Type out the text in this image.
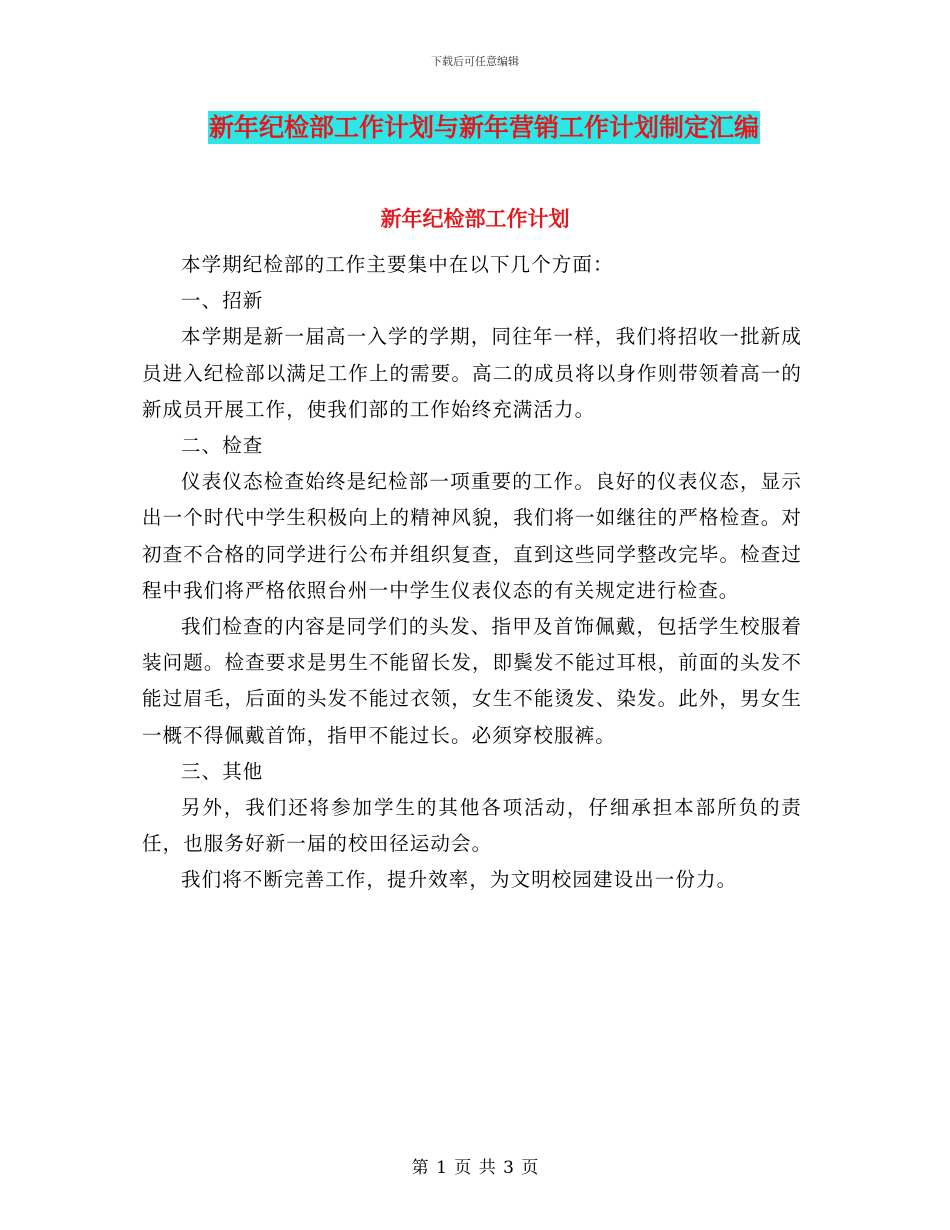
下载后可任意编辑
新年纪检部工作计划与新年营销工作计划制定汇编
新年纪检部工作计划

本学期纪检部的工作主要集中在以下几个方面：

一、招新

本学期是新一届高一入学的学期，同往年一样，我们将招收一批新成员进入纪检部以满足工作上的需要。高二的成员将以身作则带领着高一的新成员开展工作，使我们部的工作始终充满活力。

二、检查

仪表仪态检查始终是纪检部一项重要的工作。良好的仪表仪态，显示出一个时代中学生积极向上的精神风貌，我们将一如继往的严格检查。对初查不合格的同学进行公布并组织复查，直到这些同学整改完毕。检查过程中我们将严格依照台州一中学生仪表仪态的有关规定进行检查。

我们检查的内容是同学们的头发、指甲及首饰佩戴，包括学生校服着装问题。检查要求是男生不能留长发，即鬓发不能过耳根，前面的头发不能过眉毛，后面的头发不能过衣领，女生不能烫发、染发。此外，男女生一概不得佩戴首饰，指甲不能过长。必须穿校服裤。

三、其他

另外，我们还将参加学生的其他各项活动，仔细承担本部所负的责任，也服务好新一届的校田径运动会。

我们将不断完善工作，提升效率，为文明校园建设出一份力。

第 1 页 共 3 页
